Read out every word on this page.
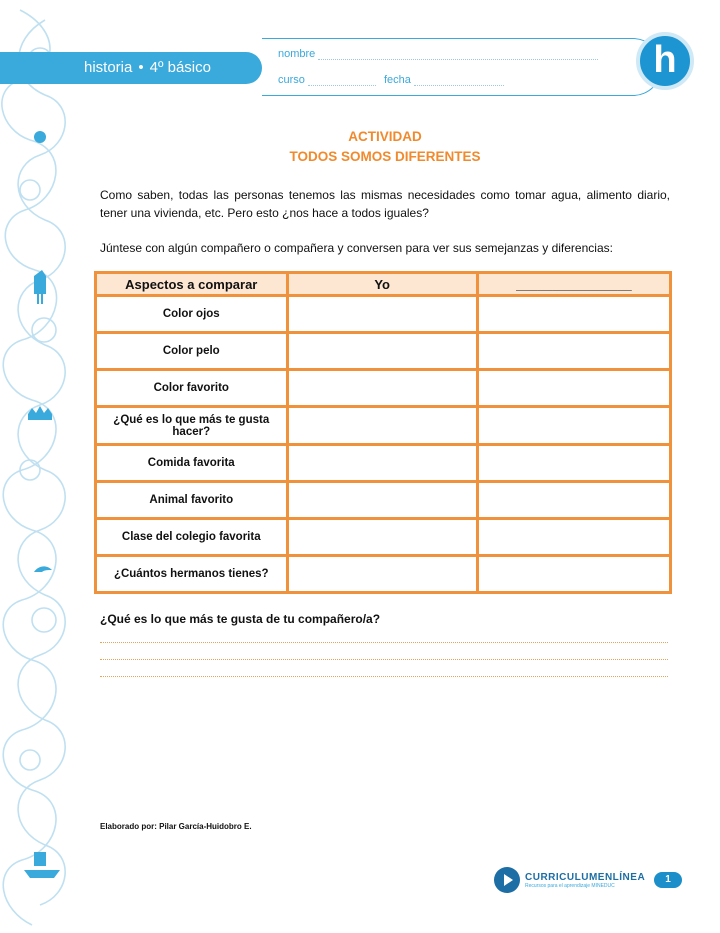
historia • 4º básico
nombre
curso	fecha	h
ACTIVIDAD
TODOS SOMOS DIFERENTES
Como saben, todas las personas tenemos las mismas necesidades como tomar agua, alimento diario, tener una vivienda, etc. Pero esto ¿nos hace a todos iguales?
Júntese con algún compañero o compañera y conversen para ver sus semejanzas y diferencias:
Aspectos a comparar	Yo	________________
Color ojos		
Color pelo		
Color favorito		
¿Qué es lo que más te gusta hacer?		
Comida favorita		
Animal favorito		
Clase del colegio favorita		
¿Cuántos hermanos tienes?		
¿Qué es lo que más te gusta de tu compañero/a?
Elaborado por: Pilar García-Huidobro E.
CURRICULUMENLÍNEA
Recursos para el aprendizaje MINEDUC
1
